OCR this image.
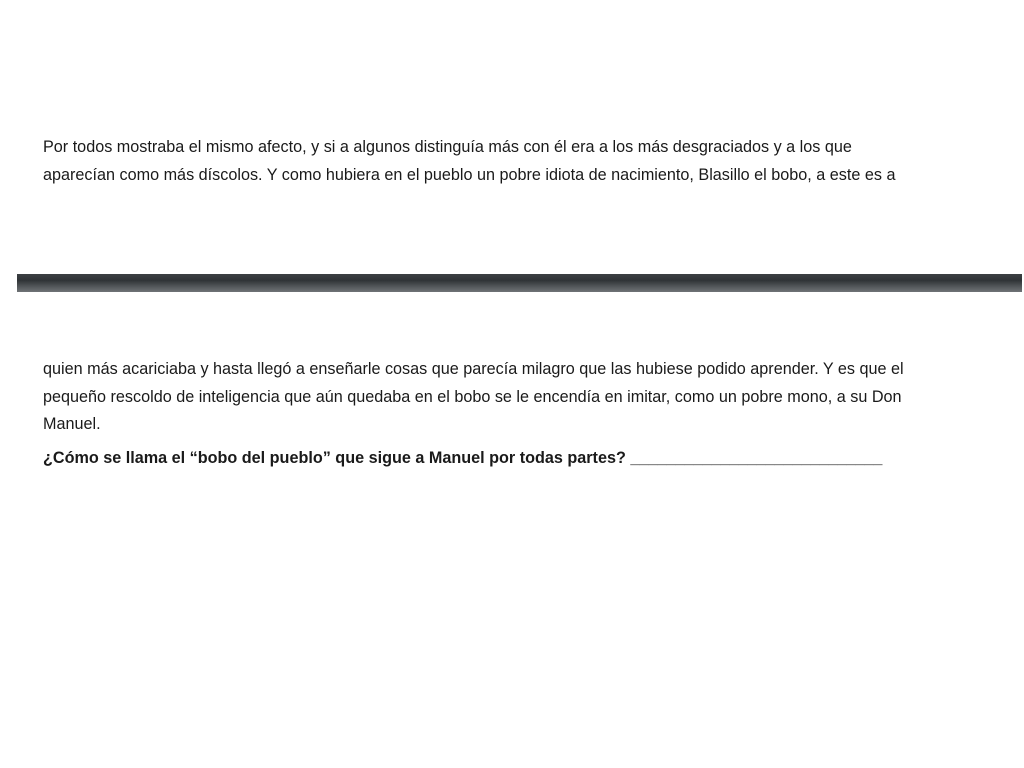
Por todos mostraba el mismo afecto, y si a algunos distinguía más con él era a los más desgraciados y a los que
aparecían como más díscolos. Y como hubiera en el pueblo un pobre idiota de nacimiento, Blasillo el bobo, a este es a

quien más acariciaba y hasta llegó a enseñarle cosas que parecía milagro que las hubiese podido aprender. Y es que el
pequeño rescoldo de inteligencia que aún quedaba en el bobo se le encendía en imitar, como un pobre mono, a su Don
Manuel.

¿Cómo se llama el “bobo del pueblo” que sigue a Manuel por todas partes? ____________________________
